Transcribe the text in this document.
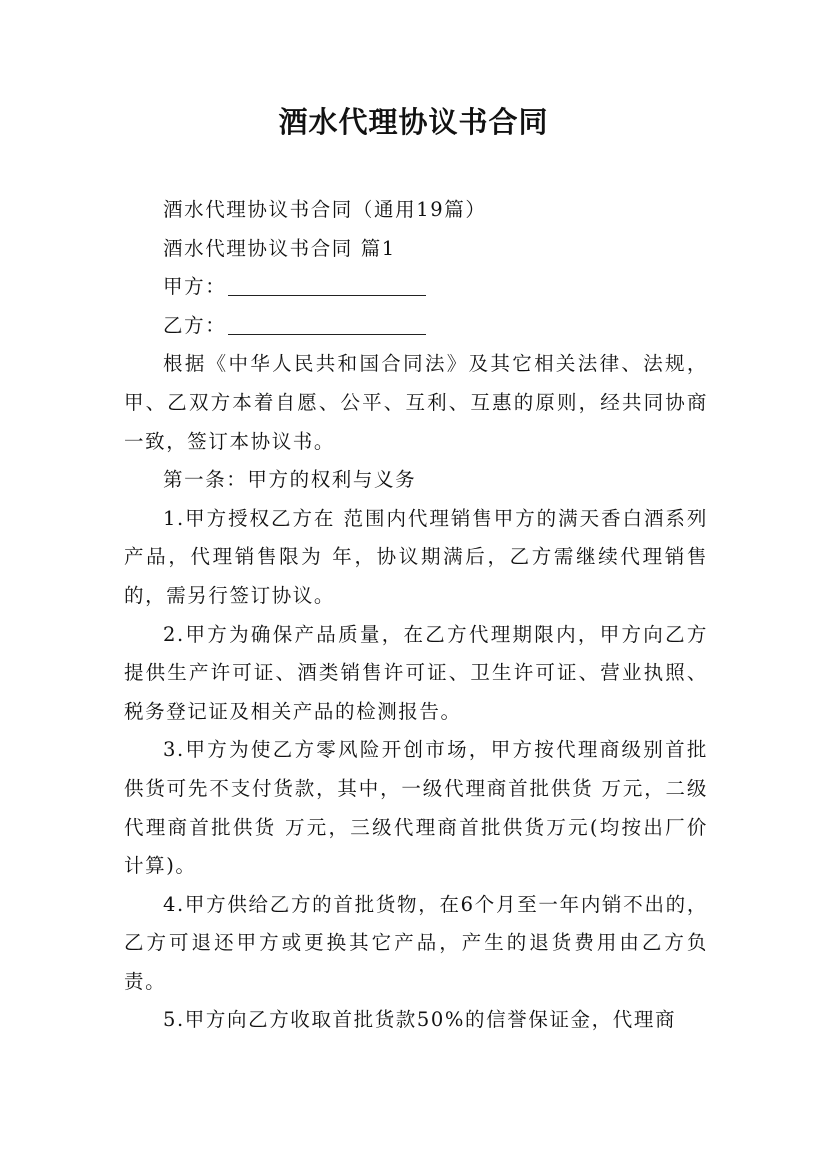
酒水代理协议书合同

酒水代理协议书合同（通用19篇）

酒水代理协议书合同 篇1

甲方：

乙方：

根据《中华人民共和国合同法》及其它相关法律、法规，甲、乙双方本着自愿、公平、互利、互惠的原则，经共同协商一致，签订本协议书。

第一条：甲方的权利与义务

1.甲方授权乙方在 范围内代理销售甲方的满天香白酒系列产品，代理销售限为 年，协议期满后，乙方需继续代理销售的，需另行签订协议。

2.甲方为确保产品质量，在乙方代理期限内，甲方向乙方提供生产许可证、酒类销售许可证、卫生许可证、营业执照、税务登记证及相关产品的检测报告。

3.甲方为使乙方零风险开创市场，甲方按代理商级别首批供货可先不支付货款，其中，一级代理商首批供货 万元，二级代理商首批供货 万元，三级代理商首批供货万元(均按出厂价计算)。

4.甲方供给乙方的首批货物，在6个月至一年内销不出的，乙方可退还甲方或更换其它产品，产生的退货费用由乙方负责。

5.甲方向乙方收取首批货款50%的信誉保证金，代理商
